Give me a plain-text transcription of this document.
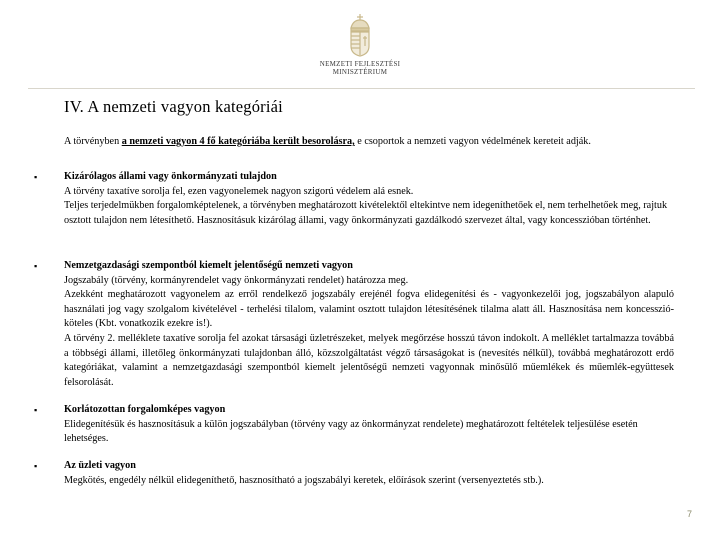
NEMZETI FEJLESZTÉSI
MINISZTÉRIUM
IV. A nemzeti vagyon kategóriái
A törvényben a nemzeti vagyon 4 fő kategóriába került besorolásra, e csoportok a nemzeti vagyon védelmének kereteit adják.
▪	Kizárólagos állami vagy önkormányzati tulajdon
A törvény taxatíve sorolja fel, ezen vagyonelemek nagyon szigorú védelem alá esnek.
Teljes terjedelmükben forgalomképtelenek, a törvényben meghatározott kivételektől eltekintve nem idegeníthetőek el, nem terhelhetőek meg, rajtuk osztott tulajdon nem létesíthető. Hasznosításuk kizárólag állami, vagy önkormányzati gazdálkodó szervezet által, vagy koncesszióban történhet.
▪	Nemzetgazdasági szempontból kiemelt jelentőségű nemzeti vagyon
Jogszabály (törvény, kormányrendelet vagy önkormányzati rendelet) határozza meg.
Azekként meghatározott vagyonelem az erről rendelkező jogszabály erejénél fogva elidegenítési és - vagyonkezelői jog, jogszabályon alapuló használati jog vagy szolgalom kivételével - terhelési tilalom, valamint osztott tulajdon létesítésének tilalma alatt áll. Hasznosítása nem koncesszió-köteles (Kbt. vonatkozik ezekre is!).
A törvény 2. melléklete taxatíve sorolja fel azokat társasági üzletrészeket, melyek megőrzése hosszú távon indokolt. A melléklet tartalmazza továbbá a többségi állami, illetőleg önkormányzati tulajdonban álló, közszolgáltatást végző társaságokat is (nevesítés nélkül), továbbá meghatározott erdő kategóriákat, valamint a nemzetgazdasági szempontból kiemelt jelentőségű nemzeti vagyonnak minősülő műemlékek és műemlék-együttesek felsorolását.
▪	Korlátozottan forgalomképes vagyon
Elidegenítésük és hasznosításuk a külön jogszabályban (törvény vagy az önkormányzat rendelete) meghatározott feltételek teljesülése esetén lehetséges.
▪	Az üzleti vagyon
Megkötés, engedély nélkül elidegeníthető, hasznosítható a jogszabályi keretek, előírások szerint (versenyeztetés stb.).
7
